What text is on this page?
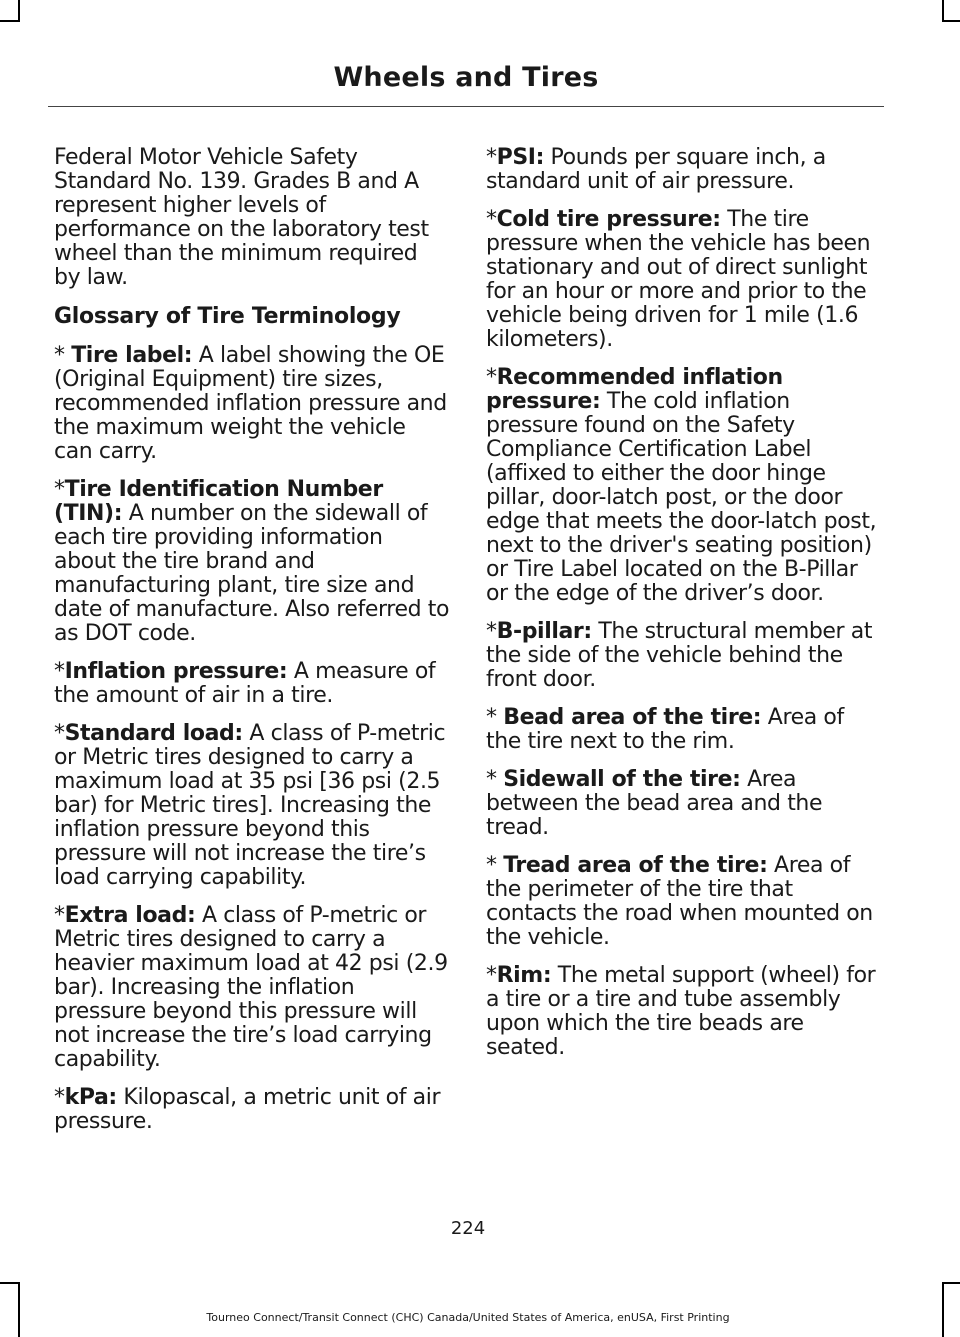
Wheels and Tires

Federal Motor Vehicle Safety Standard No. 139. Grades B and A represent higher levels of performance on the laboratory test wheel than the minimum required by law.

Glossary of Tire Terminology

* Tire label: A label showing the OE (Original Equipment) tire sizes, recommended inflation pressure and the maximum weight the vehicle can carry.

*Tire Identification Number (TIN): A number on the sidewall of each tire providing information about the tire brand and manufacturing plant, tire size and date of manufacture. Also referred to as DOT code.

*Inflation pressure: A measure of the amount of air in a tire.

*Standard load: A class of P-metric or Metric tires designed to carry a maximum load at 35 psi [36 psi (2.5 bar) for Metric tires]. Increasing the inflation pressure beyond this pressure will not increase the tire’s load carrying capability.

*Extra load: A class of P-metric or Metric tires designed to carry a heavier maximum load at 42 psi (2.9 bar). Increasing the inflation pressure beyond this pressure will not increase the tire’s load carrying capability.

*kPa: Kilopascal, a metric unit of air pressure.

*PSI: Pounds per square inch, a standard unit of air pressure.

*Cold tire pressure: The tire pressure when the vehicle has been stationary and out of direct sunlight for an hour or more and prior to the vehicle being driven for 1 mile (1.6 kilometers).

*Recommended inflation pressure: The cold inflation pressure found on the Safety Compliance Certification Label (affixed to either the door hinge pillar, door-latch post, or the door edge that meets the door-latch post, next to the driver's seating position) or Tire Label located on the B-Pillar or the edge of the driver’s door.

*B-pillar: The structural member at the side of the vehicle behind the front door.

* Bead area of the tire: Area of the tire next to the rim.

* Sidewall of the tire: Area between the bead area and the tread.

* Tread area of the tire: Area of the perimeter of the tire that contacts the road when mounted on the vehicle.

*Rim: The metal support (wheel) for a tire or a tire and tube assembly upon which the tire beads are seated.

224
Tourneo Connect/Transit Connect (CHC) Canada/United States of America, enUSA, First Printing
